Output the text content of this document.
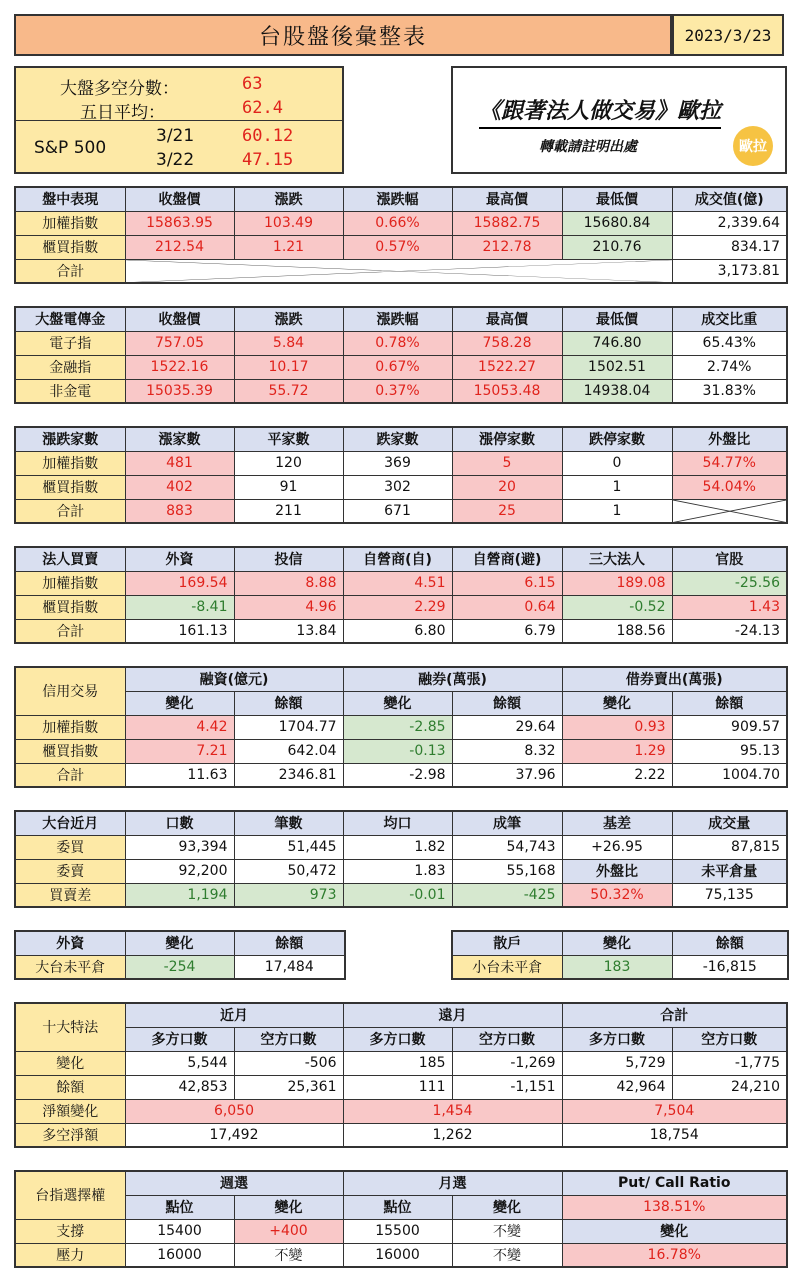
台股盤後彙整表	2023/3/23
大盤多空分數：	63
五日平均：	62.4
S&P 500
3/21	60.12
3/22	47.15
《跟著法人做交易》歐拉
轉載請註明出處	歐拉
盤中表現	收盤價	漲跌	漲跌幅	最高價	最低價	成交值(億)
加權指數	15863.95	103.49	0.66%	15882.75	15680.84	2,339.64
櫃買指數	212.54	1.21	0.57%	212.78	210.76	834.17
合計						3,173.81
大盤電傳金	收盤價	漲跌	漲跌幅	最高價	最低價	成交比重
電子指	757.05	5.84	0.78%	758.28	746.80	65.43%
金融指	1522.16	10.17	0.67%	1522.27	1502.51	2.74%
非金電	15035.39	55.72	0.37%	15053.48	14938.04	31.83%
漲跌家數	漲家數	平家數	跌家數	漲停家數	跌停家數	外盤比
加權指數	481	120	369	5	0	54.77%
櫃買指數	402	91	302	20	1	54.04%
合計	883	211	671	25	1	
法人買賣	外資	投信	自營商(自)	自營商(避)	三大法人	官股
加權指數	169.54	8.88	4.51	6.15	189.08	-25.56
櫃買指數	-8.41	4.96	2.29	0.64	-0.52	1.43
合計	161.13	13.84	6.80	6.79	188.56	-24.13
信用交易	融資(億元)		融券(萬張)		借券賣出(萬張)	
	變化	餘額	變化	餘額	變化	餘額
加權指數	4.42	1704.77	-2.85	29.64	0.93	909.57
櫃買指數	7.21	642.04	-0.13	8.32	1.29	95.13
合計	11.63	2346.81	-2.98	37.96	2.22	1004.70
大台近月	口數	筆數	均口	成筆	基差	成交量
委買	93,394	51,445	1.82	54,743	+26.95	87,815
委賣	92,200	50,472	1.83	55,168	外盤比	未平倉量
買賣差	1,194	973	-0.01	-425	50.32%	75,135
外資	變化	餘額
大台未平倉	-254	17,484
散戶	變化	餘額
小台未平倉	183	-16,815
十大特法	近月		遠月		合計	
	多方口數	空方口數	多方口數	空方口數	多方口數	空方口數
變化	5,544	-506	185	-1,269	5,729	-1,775
餘額	42,853	25,361	111	-1,151	42,964	24,210
淨額變化	6,050		1,454		7,504	
多空淨額	17,492		1,262		18,754	
台指選擇權	週選		月選		Put/ Call Ratio
	點位	變化	點位	變化	138.51%
支撐	15400	+400	15500	不變	變化
壓力	16000	不變	16000	不變	16.78%
